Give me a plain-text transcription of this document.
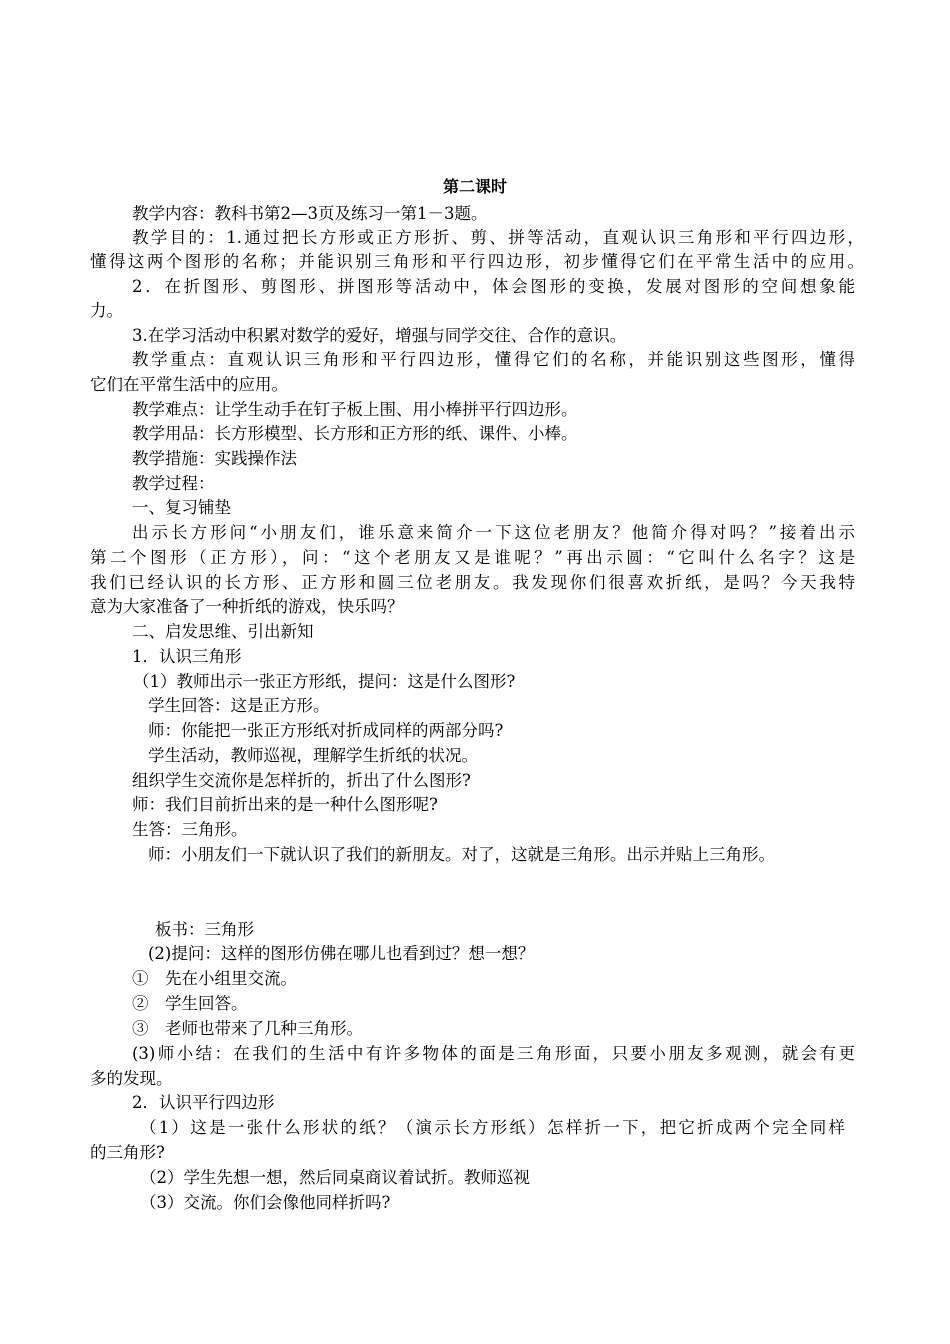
第二课时
教学内容：教科书第2—3页及练习一第1－3题。
教学目的：1.通过把长方形或正方形折、剪、拼等活动，直观认识三角形和平行四边形，
懂得这两个图形的名称；并能识别三角形和平行四边形，初步懂得它们在平常生活中的应用。
2．在折图形、剪图形、拼图形等活动中，体会图形的变换，发展对图形的空间想象能
力。
3.在学习活动中积累对数学的爱好，增强与同学交往、合作的意识。
教学重点：直观认识三角形和平行四边形，懂得它们的名称，并能识别这些图形，懂得
它们在平常生活中的应用。
教学难点：让学生动手在钉子板上围、用小棒拼平行四边形。
教学用品：长方形模型、长方形和正方形的纸、课件、小棒。
教学措施：实践操作法
教学过程：
一、复习铺垫
出示长方形问“小朋友们，谁乐意来简介一下这位老朋友？他简介得对吗？”接着出示
第二个图形（正方形），问：“这个老朋友又是谁呢？”再出示圆：“它叫什么名字？这是
我们已经认识的长方形、正方形和圆三位老朋友。我发现你们很喜欢折纸，是吗？今天我特
意为大家准备了一种折纸的游戏，快乐吗？
二、启发思维、引出新知
1．认识三角形
（1）教师出示一张正方形纸，提问：这是什么图形?
学生回答：这是正方形。
师：你能把一张正方形纸对折成同样的两部分吗?
学生活动，教师巡视，理解学生折纸的状况。
组织学生交流你是怎样折的，折出了什么图形?
师：我们目前折出来的是一种什么图形呢?
生答：三角形。
师：小朋友们一下就认识了我们的新朋友。对了，这就是三角形。出示并贴上三角形。
板书：三角形
(2)提问：这样的图形仿佛在哪儿也看到过？想一想？
①　先在小组里交流。
②　学生回答。
③　老师也带来了几种三角形。
(3)师小结：在我们的生活中有许多物体的面是三角形面，只要小朋友多观测，就会有更
多的发现。
2．认识平行四边形
（1）这是一张什么形状的纸？（演示长方形纸）怎样折一下，把它折成两个完全同样
的三角形?
（2）学生先想一想，然后同桌商议着试折。教师巡视
（3）交流。你们会像他同样折吗?
